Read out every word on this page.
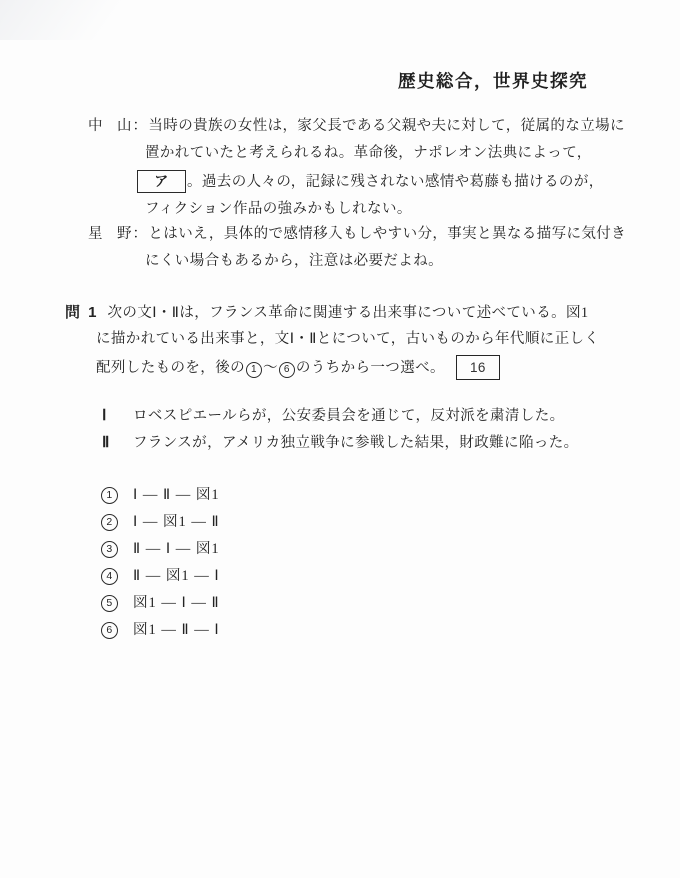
歴史総合，世界史探究
中　山 ： 当時の貴族の女性は，家父長である父親や夫に対して，従属的な立場に
置かれていたと考えられるね。革命後，ナポレオン法典によって，
ア	。過去の人々の，記録に残されない感情や葛藤も描けるのが，
フィクション作品の強みかもしれない。
星　野 ： とはいえ，具体的で感情移入もしやすい分，事実と異なる描写に気付き
にくい場合もあるから，注意は必要だよね。
問 1 次の文Ⅰ・Ⅱは，フランス革命に関連する出来事について述べている。図1
に描かれている出来事と，文Ⅰ・Ⅱとについて，古いものから年代順に正しく
配列したものを，後の 1 ～ 6 のうちから一つ選べ。	16
Ⅰ	ロベスピエールらが，公安委員会を通じて，反対派を粛清した。
Ⅱ	フランスが，アメリカ独立戦争に参戦した結果，財政難に陥った。
1	Ⅰ ― Ⅱ ― 図1
2	Ⅰ ― 図1 ― Ⅱ
3	Ⅱ ― Ⅰ ― 図1
4	Ⅱ ― 図1 ― Ⅰ
5	図1 ― Ⅰ ― Ⅱ
6	図1 ― Ⅱ ― Ⅰ
